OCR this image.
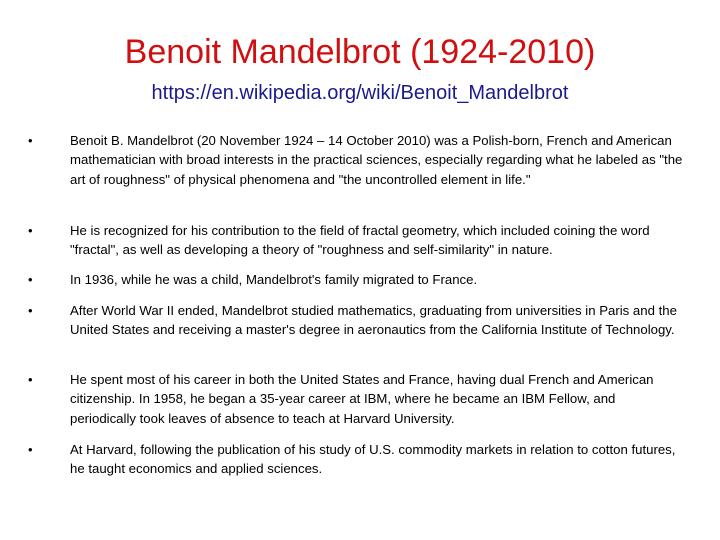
Benoit Mandelbrot (1924-2010)
https://en.wikipedia.org/wiki/Benoit_Mandelbrot
•	Benoit B. Mandelbrot (20 November 1924 – 14 October 2010) was a Polish-born, French and American mathematician with broad interests in the practical sciences, especially regarding what he labeled as "the art of roughness" of physical phenomena and "the uncontrolled element in life."
•	He is recognized for his contribution to the field of fractal geometry, which included coining the word "fractal", as well as developing a theory of "roughness and self-similarity" in nature.
•	In 1936, while he was a child, Mandelbrot's family migrated to France.
•	After World War II ended, Mandelbrot studied mathematics, graduating from universities in Paris and the United States and receiving a master's degree in aeronautics from the California Institute of Technology.
•	He spent most of his career in both the United States and France, having dual French and American citizenship. In 1958, he began a 35-year career at IBM, where he became an IBM Fellow, and periodically took leaves of absence to teach at Harvard University.
•	At Harvard, following the publication of his study of U.S. commodity markets in relation to cotton futures, he taught economics and applied sciences.
